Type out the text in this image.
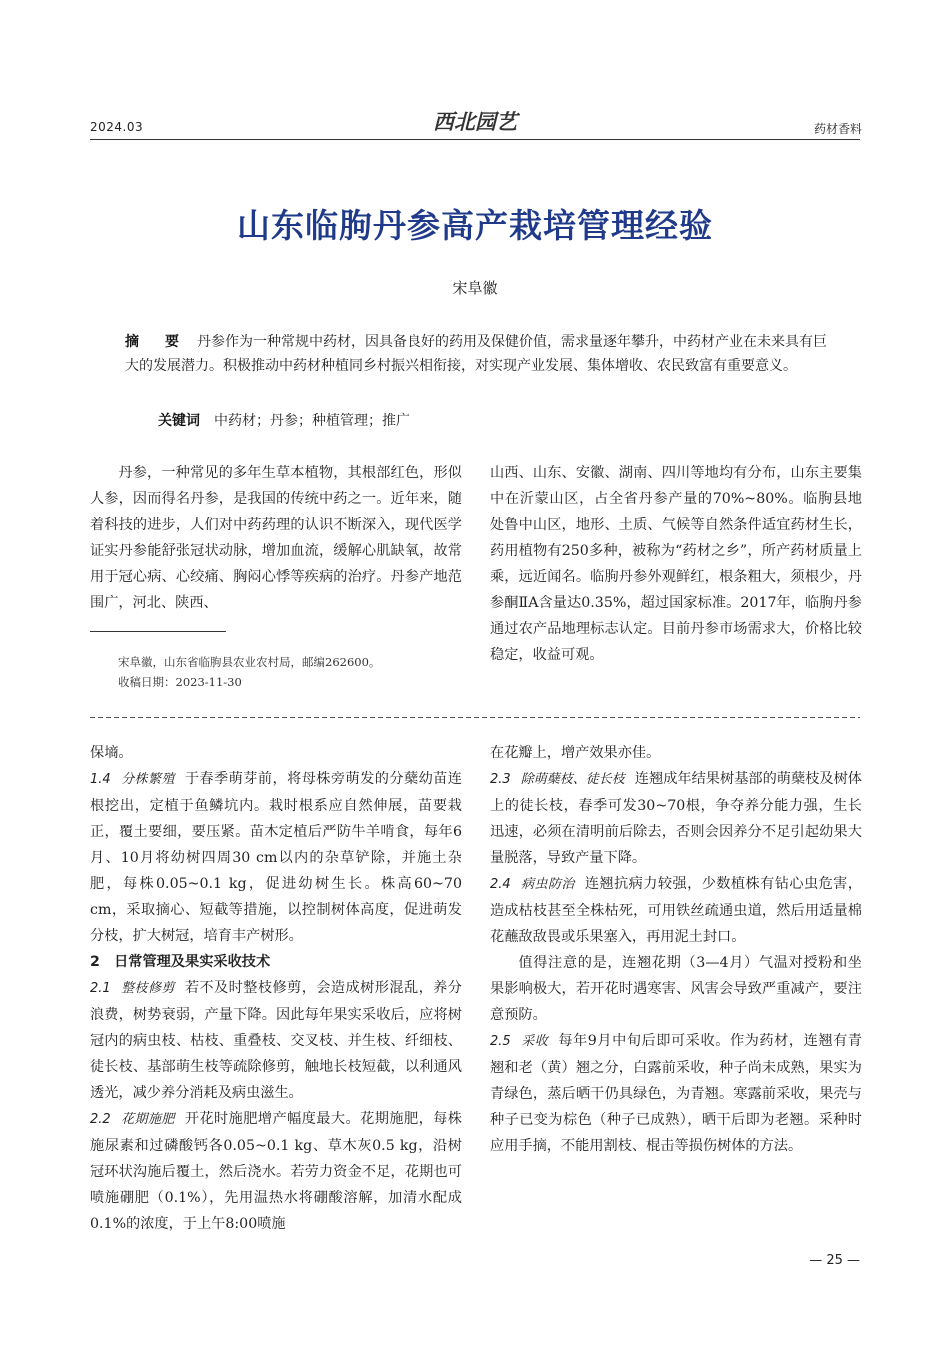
2024.03	西北园艺	药材香料
山东临朐丹参高产栽培管理经验
宋阜徽
摘　要 丹参作为一种常规中药材，因具备良好的药用及保健价值，需求量逐年攀升，中药材产业在未来具有巨大的发展潜力。积极推动中药材种植同乡村振兴相衔接，对实现产业发展、集体增收、农民致富有重要意义。
关键词 中药材；丹参；种植管理；推广

丹参，一种常见的多年生草本植物，其根部红色，形似人参，因而得名丹参，是我国的传统中药之一。近年来，随着科技的进步，人们对中药药理的认识不断深入，现代医学证实丹参能舒张冠状动脉，增加血流，缓解心肌缺氧，故常用于冠心病、心绞痛、胸闷心悸等疾病的治疗。丹参产地范围广，河北、陕西、

山西、山东、安徽、湖南、四川等地均有分布，山东主要集中在沂蒙山区，占全省丹参产量的70%~80%。临朐县地处鲁中山区，地形、土质、气候等自然条件适宜药材生长，药用植物有250多种，被称为“药材之乡”，所产药材质量上乘，远近闻名。临朐丹参外观鲜红，根条粗大，须根少，丹参酮ⅡA含量达0.35%，超过国家标准。2017年，临朐丹参通过农产品地理标志认定。目前丹参市场需求大，价格比较稳定，收益可观。

宋阜徽，山东省临朐县农业农村局，邮编262600。
收稿日期：2023-11-30

保墒。

1.4 分株繁殖 于春季萌芽前，将母株旁萌发的分蘖幼苗连根挖出，定植于鱼鳞坑内。栽时根系应自然伸展，苗要栽正，覆土要细，要压紧。苗木定植后严防牛羊啃食，每年6月、10月将幼树四周30 cm以内的杂草铲除，并施土杂肥，每株0.05~0.1 kg，促进幼树生长。株高60~70 cm，采取摘心、短截等措施，以控制树体高度，促进萌发分枝，扩大树冠，培育丰产树形。

2　 日常管理及果实采收技术

2.1 整枝修剪 若不及时整枝修剪，会造成树形混乱，养分浪费，树势衰弱，产量下降。因此每年果实采收后，应将树冠内的病虫枝、枯枝、重叠枝、交叉枝、并生枝、纤细枝、徒长枝、基部萌生枝等疏除修剪，触地长枝短截，以利通风透光，减少养分消耗及病虫滋生。

2.2 花期施肥 开花时施肥增产幅度最大。花期施肥，每株施尿素和过磷酸钙各0.05~0.1 kg、草木灰0.5 kg，沿树冠环状沟施后覆土，然后浇水。若劳力资金不足，花期也可喷施硼肥（0.1%），先用温热水将硼酸溶解，加清水配成0.1%的浓度，于上午8:00喷施

在花瓣上，增产效果亦佳。

2.3 除萌蘖枝、徒长枝 连翘成年结果树基部的萌蘖枝及树体上的徒长枝，春季可发30~70根，争夺养分能力强，生长迅速，必须在清明前后除去，否则会因养分不足引起幼果大量脱落，导致产量下降。

2.4 病虫防治 连翘抗病力较强，少数植株有钻心虫危害，造成枯枝甚至全株枯死，可用铁丝疏通虫道，然后用适量棉花蘸敌敌畏或乐果塞入，再用泥土封口。

值得注意的是，连翘花期（3—4月）气温对授粉和坐果影响极大，若开花时遇寒害、风害会导致严重减产，要注意预防。

2.5 采收 每年9月中旬后即可采收。作为药材，连翘有青翘和老（黄）翘之分，白露前采收，种子尚未成熟，果实为青绿色，蒸后晒干仍具绿色，为青翘。寒露前采收，果壳与种子已变为棕色（种子已成熟），晒干后即为老翘。采种时应用手摘，不能用割枝、棍击等损伤树体的方法。

— 25 —
